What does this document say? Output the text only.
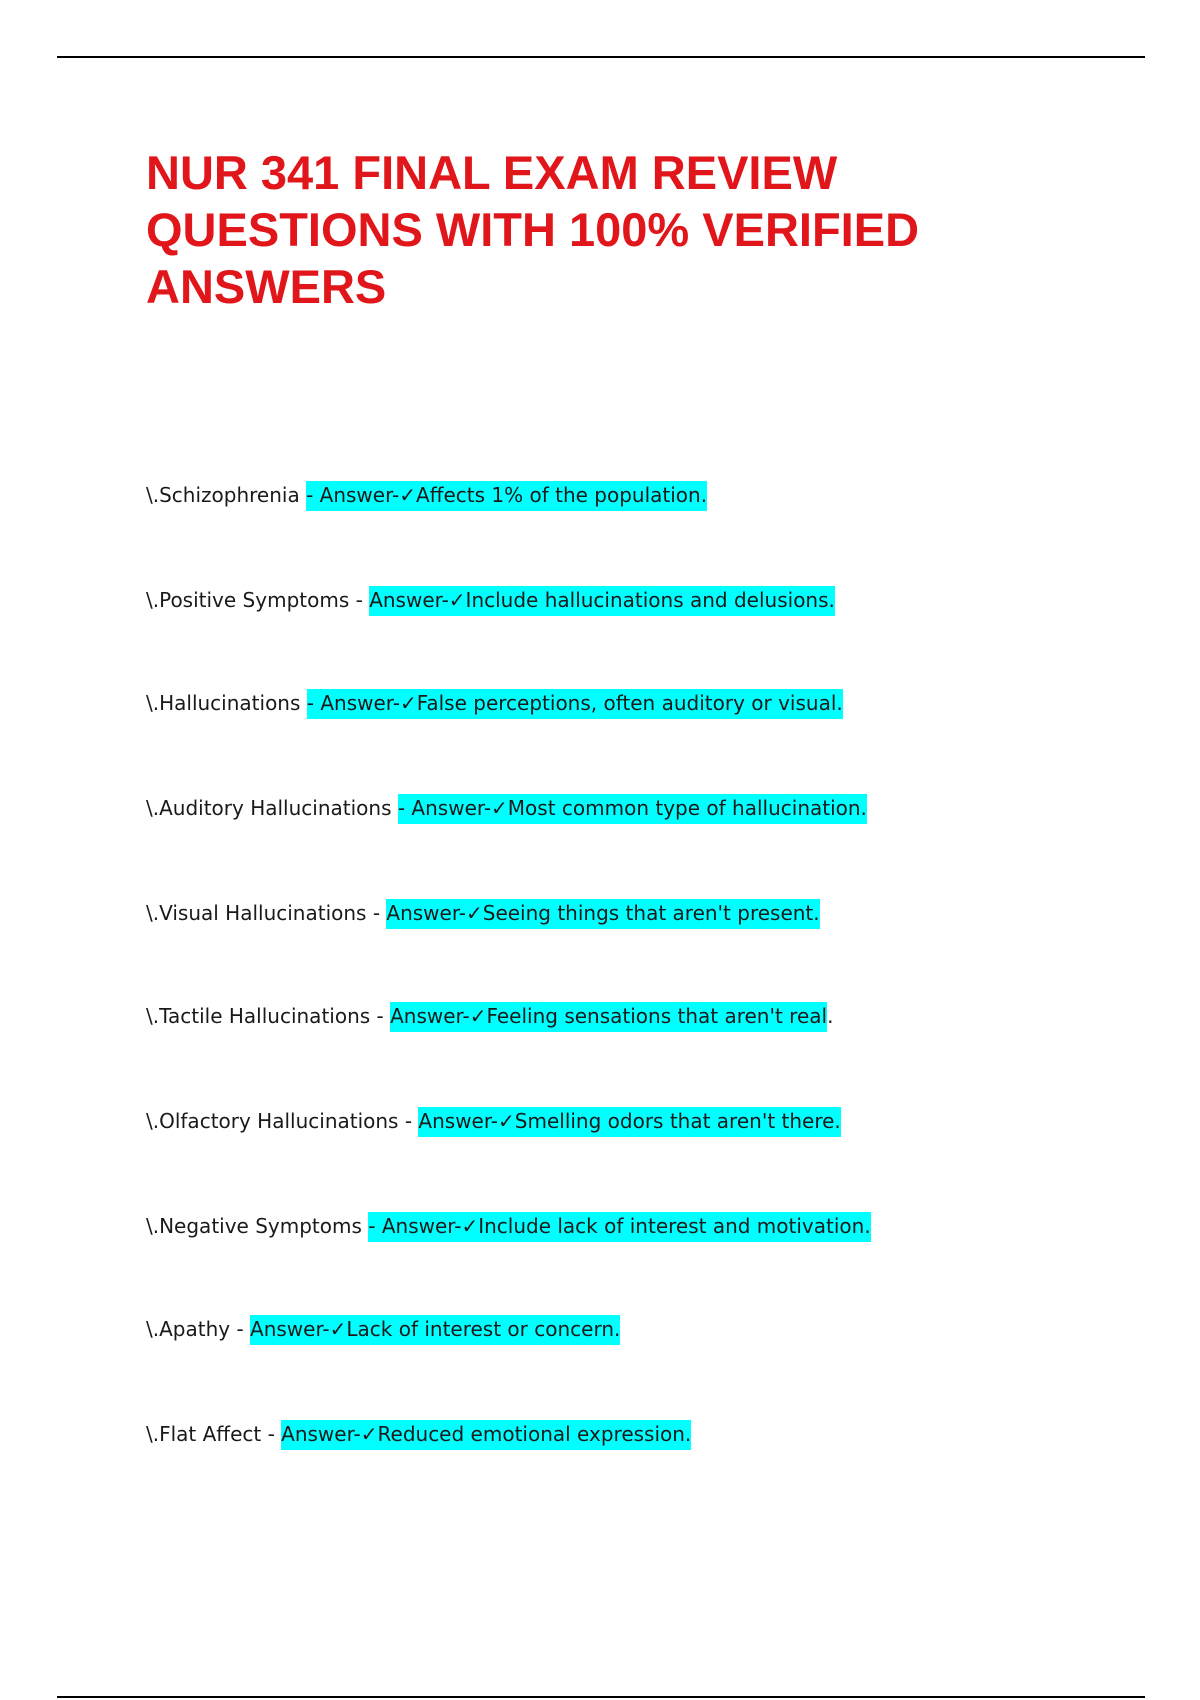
NUR 341 FINAL EXAM REVIEW QUESTIONS WITH 100% VERIFIED ANSWERS
\.Schizophrenia - Answer-✓Affects 1% of the population.
\.Positive Symptoms - Answer-✓Include hallucinations and delusions.
\.Hallucinations - Answer-✓False perceptions, often auditory or visual.
\.Auditory Hallucinations - Answer-✓Most common type of hallucination.
\.Visual Hallucinations - Answer-✓Seeing things that aren't present.
\.Tactile Hallucinations - Answer-✓Feeling sensations that aren't real.
\.Olfactory Hallucinations - Answer-✓Smelling odors that aren't there.
\.Negative Symptoms - Answer-✓Include lack of interest and motivation.
\.Apathy - Answer-✓Lack of interest or concern.
\.Flat Affect - Answer-✓Reduced emotional expression.
